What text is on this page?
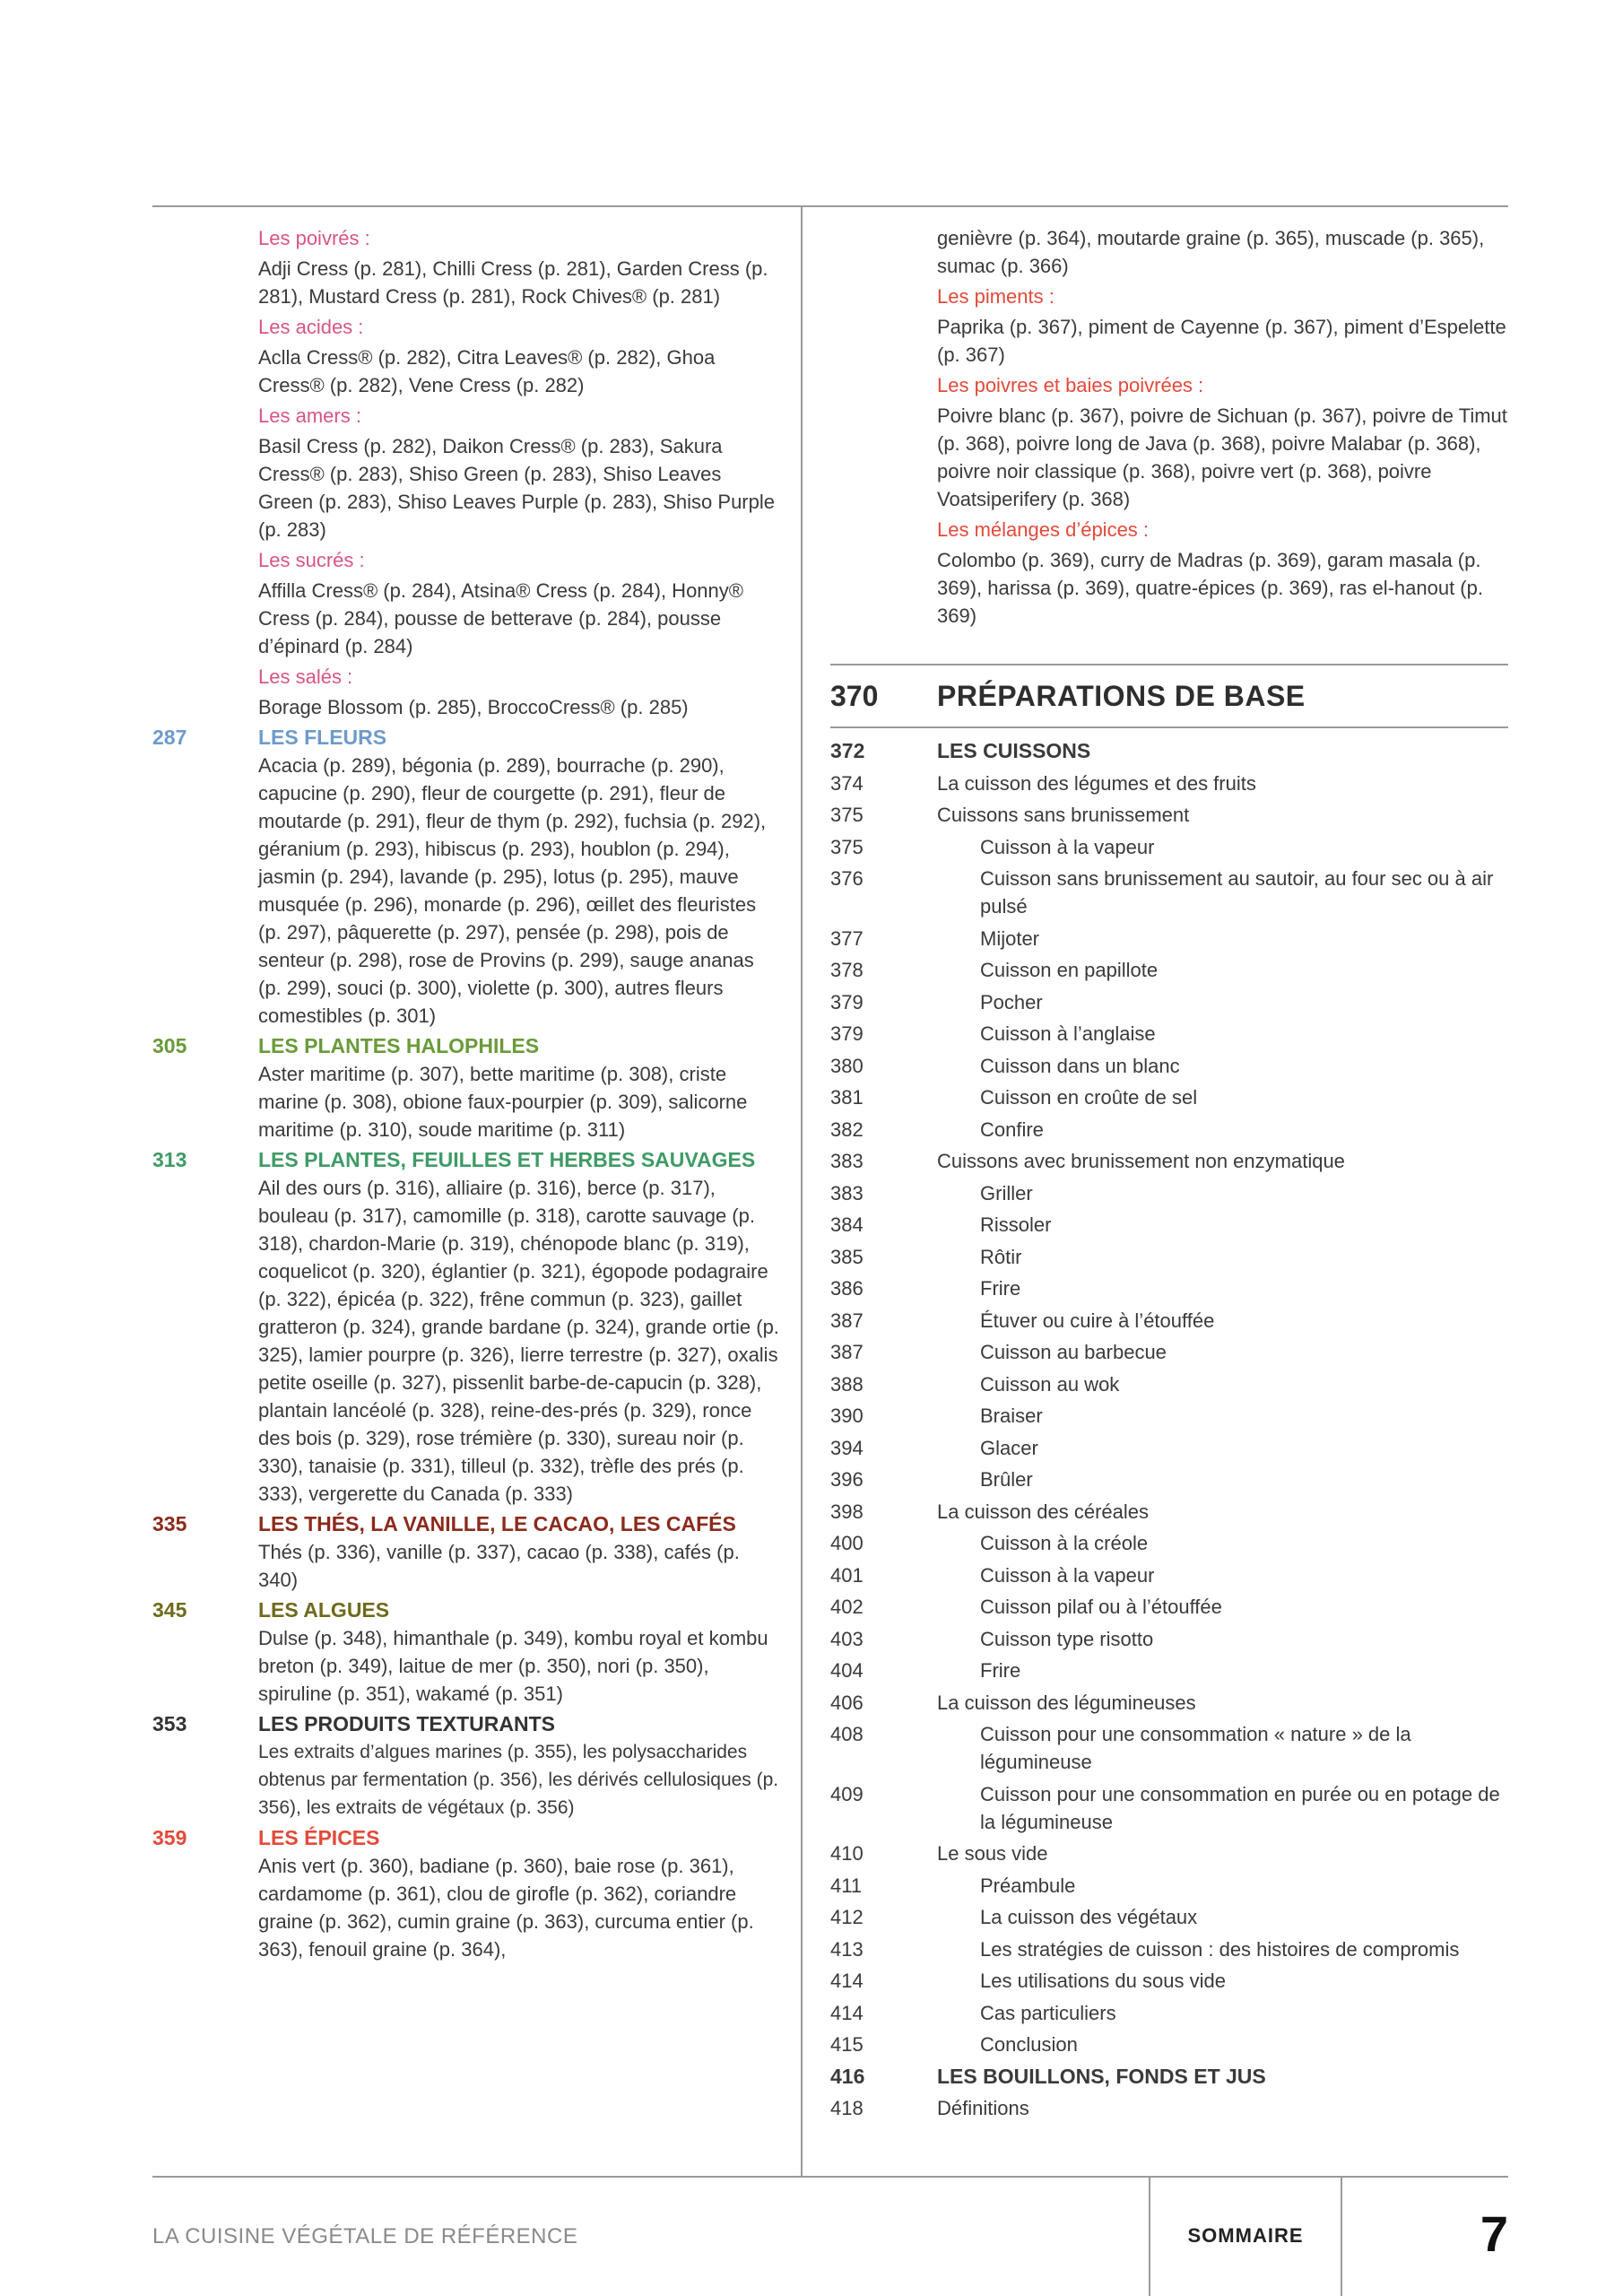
Les poivrés :
Adji Cress (p. 281), Chilli Cress (p. 281), Garden Cress (p. 281), Mustard Cress (p. 281), Rock Chives® (p. 281)
Les acides :
Aclla Cress® (p. 282), Citra Leaves® (p. 282), Ghoa Cress® (p. 282), Vene Cress (p. 282)
Les amers :
Basil Cress (p. 282), Daikon Cress® (p. 283), Sakura Cress® (p. 283), Shiso Green (p. 283), Shiso Leaves Green (p. 283), Shiso Leaves Purple (p. 283), Shiso Purple (p. 283)
Les sucrés :
Affilla Cress® (p. 284), Atsina® Cress (p. 284), Honny® Cress (p. 284), pousse de betterave (p. 284), pousse d’épinard (p. 284)
Les salés :
Borage Blossom (p. 285), BroccoCress® (p. 285)
287	LES FLEURS
Acacia (p. 289), bégonia (p. 289), bourrache (p. 290), capucine (p. 290), fleur de courgette (p. 291), fleur de moutarde (p. 291), fleur de thym (p. 292), fuchsia (p. 292), géranium (p. 293), hibiscus (p. 293), houblon (p. 294), jasmin (p. 294), lavande (p. 295), lotus (p. 295), mauve musquée (p. 296), monarde (p. 296), œillet des fleuristes (p. 297), pâquerette (p. 297), pensée (p. 298), pois de senteur (p. 298), rose de Provins (p. 299), sauge ananas (p. 299), souci (p. 300), violette (p. 300), autres fleurs comestibles (p. 301)
305	LES PLANTES HALOPHILES
Aster maritime (p. 307), bette maritime (p. 308), criste marine (p. 308), obione faux-pourpier (p. 309), salicorne maritime (p. 310), soude maritime (p. 311)
313	LES PLANTES, FEUILLES ET HERBES SAUVAGES
Ail des ours (p. 316), alliaire (p. 316), berce (p. 317), bouleau (p. 317), camomille (p. 318), carotte sauvage (p. 318), chardon-Marie (p. 319), chénopode blanc (p. 319), coquelicot (p. 320), églantier (p. 321), égopode podagraire (p. 322), épicéa (p. 322), frêne commun (p. 323), gaillet gratteron (p. 324), grande bardane (p. 324), grande ortie (p. 325), lamier pourpre (p. 326), lierre terrestre (p. 327), oxalis petite oseille (p. 327), pissenlit barbe-de-capucin (p. 328), plantain lancéolé (p. 328), reine-des-prés (p. 329), ronce des bois (p. 329), rose trémière (p. 330), sureau noir (p. 330), tanaisie (p. 331), tilleul (p. 332), trèfle des prés (p. 333), vergerette du Canada (p. 333)
335	LES THÉS, LA VANILLE, LE CACAO, LES CAFÉS
Thés (p. 336), vanille (p. 337), cacao (p. 338), cafés (p. 340)
345	LES ALGUES
Dulse (p. 348), himanthale (p. 349), kombu royal et kombu breton (p. 349), laitue de mer (p. 350), nori (p. 350), spiruline (p. 351), wakamé (p. 351)
353	LES PRODUITS TEXTURANTS
Les extraits d’algues marines (p. 355), les polysaccharides obtenus par fermentation (p. 356), les dérivés cellulosiques (p. 356), les extraits de végétaux (p. 356)
359	LES ÉPICES
Anis vert (p. 360), badiane (p. 360), baie rose (p. 361), cardamome (p. 361), clou de girofle (p. 362), coriandre graine (p. 362), cumin graine (p. 363), curcuma entier (p. 363), fenouil graine (p. 364),
genièvre (p. 364), moutarde graine (p. 365), muscade (p. 365), sumac (p. 366)
Les piments :
Paprika (p. 367), piment de Cayenne (p. 367), piment d’Espelette (p. 367)
Les poivres et baies poivrées :
Poivre blanc (p. 367), poivre de Sichuan (p. 367), poivre de Timut (p. 368), poivre long de Java (p. 368), poivre Malabar (p. 368), poivre noir classique (p. 368), poivre vert (p. 368), poivre Voatsiperifery (p. 368)
Les mélanges d’épices :
Colombo (p. 369), curry de Madras (p. 369), garam masala (p. 369), harissa (p. 369), quatre-épices (p. 369), ras el-hanout (p. 369)
370	PRÉPARATIONS DE BASE
372	LES CUISSONS
374	La cuisson des légumes et des fruits
375	Cuissons sans brunissement
375	Cuisson à la vapeur
376	Cuisson sans brunissement au sautoir, au four sec ou à air pulsé
377	Mijoter
378	Cuisson en papillote
379	Pocher
379	Cuisson à l’anglaise
380	Cuisson dans un blanc
381	Cuisson en croûte de sel
382	Confire
383	Cuissons avec brunissement non enzymatique
383	Griller
384	Rissoler
385	Rôtir
386	Frire
387	Étuver ou cuire à l’étouffée
387	Cuisson au barbecue
388	Cuisson au wok
390	Braiser
394	Glacer
396	Brûler
398	La cuisson des céréales
400	Cuisson à la créole
401	Cuisson à la vapeur
402	Cuisson pilaf ou à l’étouffée
403	Cuisson type risotto
404	Frire
406	La cuisson des légumineuses
408	Cuisson pour une consommation « nature » de la légumineuse
409	Cuisson pour une consommation en purée ou en potage de la légumineuse
410	Le sous vide
411	Préambule
412	La cuisson des végétaux
413	Les stratégies de cuisson : des histoires de compromis
414	Les utilisations du sous vide
414	Cas particuliers
415	Conclusion
416	LES BOUILLONS, FONDS ET JUS
418	Définitions
LA CUISINE VÉGÉTALE DE RÉFÉRENCE	SOMMAIRE	7
